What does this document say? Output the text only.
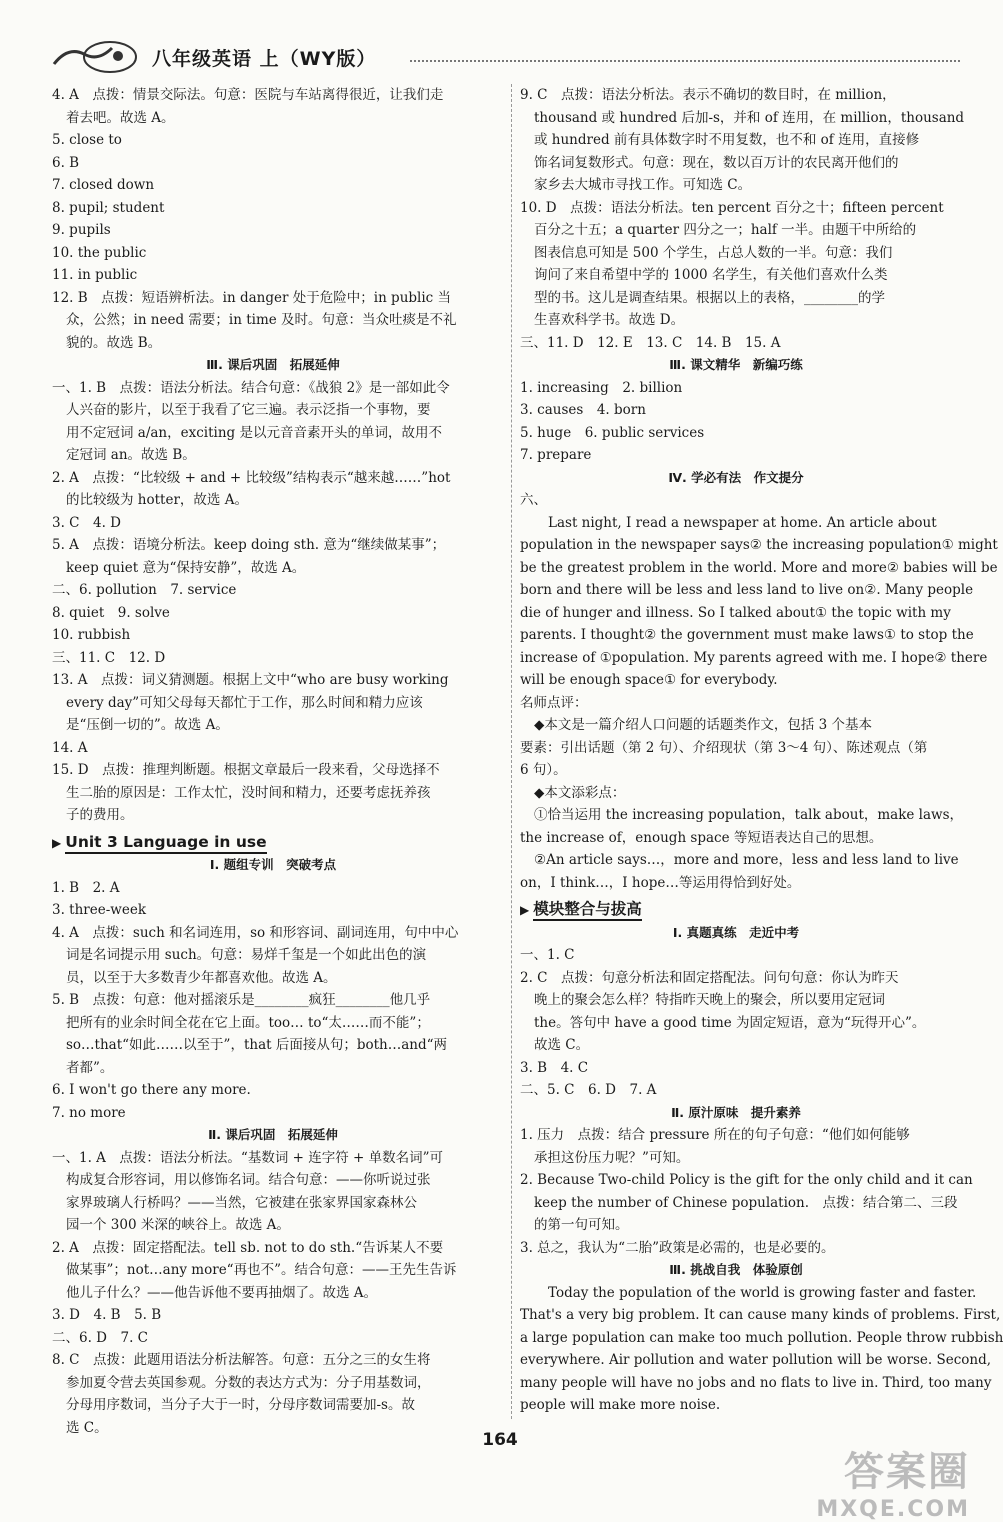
八年级英语 上（WY版）
4. A　点拨：情景交际法。句意：医院与车站离得很近，让我们走
着去吧。故选 A。
5. close to
6. B
7. closed down
8. pupil; student
9. pupils
10. the public
11. in public
12. B　点拨：短语辨析法。in danger 处于危险中；in public 当
众，公然；in need 需要；in time 及时。句意：当众吐痰是不礼
貌的。故选 B。
Ⅲ. 课后巩固　拓展延伸
一、1. B　点拨：语法分析法。结合句意：《战狼 2》是一部如此令
人兴奋的影片，以至于我看了它三遍。表示泛指一个事物，要
用不定冠词 a/an，exciting 是以元音音素开头的单词，故用不
定冠词 an。故选 B。
2. A　点拨：“比较级 + and + 比较级”结构表示“越来越……”hot
的比较级为 hotter，故选 A。
3. C　4. D
5. A　点拨：语境分析法。keep doing sth. 意为“继续做某事”；
keep quiet 意为“保持安静”，故选 A。
二、6. pollution　7. service
8. quiet　9. solve
10. rubbish
三、11. C　12. D
13. A　点拨：词义猜测题。根据上文中“who are busy working
every day”可知父母每天都忙于工作，那么时间和精力应该
是“压倒一切的”。故选 A。
14. A
15. D　点拨：推理判断题。根据文章最后一段来看，父母选择不
生二胎的原因是：工作太忙，没时间和精力，还要考虑抚养孩
子的费用。
▶ Unit 3 Language in use
Ⅰ. 题组专训　突破考点
1. B　2. A
3. three-week
4. A　点拨：such 和名词连用，so 和形容词、副词连用，句中中心
词是名词提示用 such。句意：易烊千玺是一个如此出色的演
员，以至于大多数青少年都喜欢他。故选 A。
5. B　点拨：句意：他对摇滚乐是________疯狂________他几乎
把所有的业余时间全花在它上面。too… to“太……而不能”；
so…that“如此……以至于”，that 后面接从句；both…and“两
者都”。
6. I won't go there any more.
7. no more
Ⅱ. 课后巩固　拓展延伸
一、1. A　点拨：语法分析法。“基数词 + 连字符 + 单数名词”可
构成复合形容词，用以修饰名词。结合句意：——你听说过张
家界玻璃人行桥吗？——当然，它被建在张家界国家森林公
园一个 300 米深的峡谷上。故选 A。
2. A　点拨：固定搭配法。tell sb. not to do sth.“告诉某人不要
做某事”；not…any more“再也不”。结合句意：——王先生告诉
他儿子什么？——他告诉他不要再抽烟了。故选 A。
3. D　4. B　5. B
二、6. D　7. C
8. C　点拨：此题用语法分析法解答。句意：五分之三的女生将
参加夏令营去英国参观。分数的表达方式为：分子用基数词，
分母用序数词，当分子大于一时，分母序数词需要加-s。故
选 C。
9. C　点拨：语法分析法。表示不确切的数目时，在 million，
thousand 或 hundred 后加-s，并和 of 连用，在 million，thousand
或 hundred 前有具体数字时不用复数，也不和 of 连用，直接修
饰名词复数形式。句意：现在，数以百万计的农民离开他们的
家乡去大城市寻找工作。可知选 C。
10. D　点拨：语法分析法。ten percent 百分之十；fifteen percent
百分之十五；a quarter 四分之一；half 一半。由题干中所给的
图表信息可知是 500 个学生，占总人数的一半。句意：我们
询问了来自希望中学的 1000 名学生，有关他们喜欢什么类
型的书。这儿是调查结果。根据以上的表格，________的学
生喜欢科学书。故选 D。
三、11. D　12. E　13. C　14. B　15. A
Ⅲ. 课文精华　新编巧练
1. increasing　2. billion
3. causes　4. born
5. huge　6. public services
7. prepare
Ⅳ. 学必有法　作文提分
六、
Last night, I read a newspaper at home. An article about
population in the newspaper says② the increasing population① might
be the greatest problem in the world. More and more② babies will be
born and there will be less and less land to live on②. Many people
die of hunger and illness. So I talked about① the topic with my
parents. I thought② the government must make laws① to stop the
increase of ①population. My parents agreed with me. I hope② there
will be enough space① for everybody.
名师点评：
◆本文是一篇介绍人口问题的话题类作文，包括 3 个基本
要素：引出话题（第 2 句）、介绍现状（第 3～4 句）、陈述观点（第
6 句）。
◆本文添彩点：
①恰当运用 the increasing population，talk about，make laws，
the increase of，enough space 等短语表达自己的思想。
②An article says…，more and more，less and less land to live
on，I think…，I hope…等运用得恰到好处。
▶ 模块整合与拔高
Ⅰ. 真题真练　走近中考
一、1. C
2. C　点拨：句意分析法和固定搭配法。问句句意：你认为昨天
晚上的聚会怎么样？特指昨天晚上的聚会，所以要用定冠词
the。答句中 have a good time 为固定短语，意为“玩得开心”。
故选 C。
3. B　4. C
二、5. C　6. D　7. A
Ⅱ. 原汁原味　提升素养
1. 压力　点拨：结合 pressure 所在的句子句意：“他们如何能够
承担这份压力呢？”可知。
2. Because Two-child Policy is the gift for the only child and it can
keep the number of Chinese population.　点拨：结合第二、三段
的第一句可知。
3. 总之，我认为“二胎”政策是必需的，也是必要的。
Ⅲ. 挑战自我　体验原创
Today the population of the world is growing faster and faster.
That's a very big problem. It can cause many kinds of problems. First,
a large population can make too much pollution. People throw rubbish
everywhere. Air pollution and water pollution will be worse. Second,
many people will have no jobs and no flats to live in. Third, too many
people will make more noise.
164
答案圈
MXQE.COM
